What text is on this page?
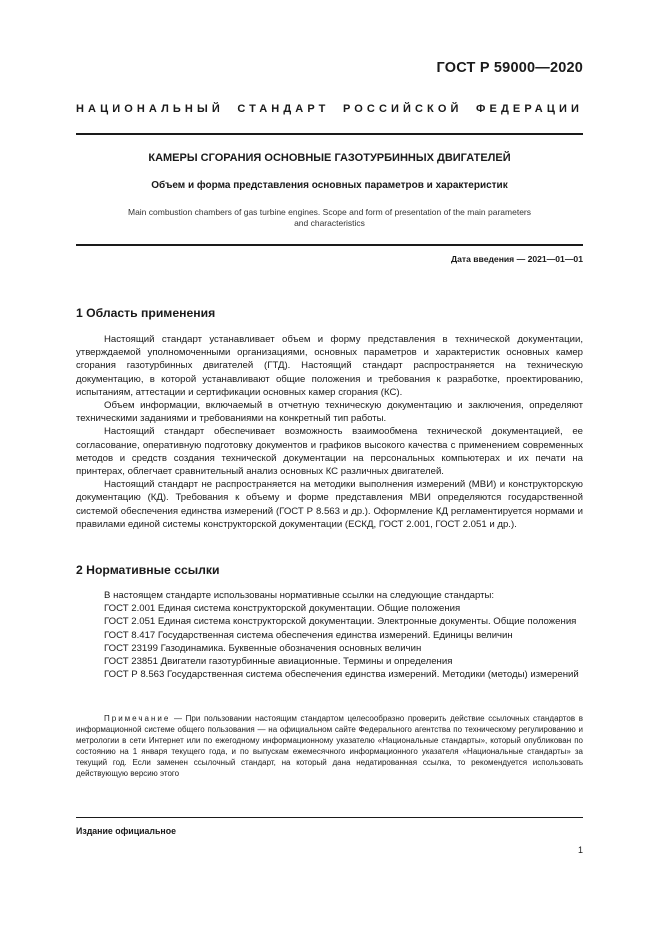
ГОСТ Р 59000—2020
НАЦИОНАЛЬНЫЙ СТАНДАРТ РОССИЙСКОЙ ФЕДЕРАЦИИ
КАМЕРЫ СГОРАНИЯ ОСНОВНЫЕ ГАЗОТУРБИННЫХ ДВИГАТЕЛЕЙ
Объем и форма представления основных параметров и характеристик
Main combustion chambers of gas turbine engines. Scope and form of presentation of the main parameters
and characteristics
Дата введения — 2021—01—01
1 Область применения

Настоящий стандарт устанавливает объем и форму представления в технической документации, утверждаемой уполномоченными организациями, основных параметров и характеристик основных камер сгорания газотурбинных двигателей (ГТД). Настоящий стандарт распространяется на техническую документацию, в которой устанавливают общие положения и требования к разработке, проектированию, испытаниям, аттестации и сертификации основных камер сгорания (КС).

Объем информации, включаемый в отчетную техническую документацию и заключения, определяют техническими заданиями и требованиями на конкретный тип работы.

Настоящий стандарт обеспечивает возможность взаимообмена технической документацией, ее согласование, оперативную подготовку документов и графиков высокого качества с применением современных методов и средств создания технической документации на персональных компьютерах и их печати на принтерах, облегчает сравнительный анализ основных КС различных двигателей.

Настоящий стандарт не распространяется на методики выполнения измерений (МВИ) и конструкторскую документацию (КД). Требования к объему и форме представления МВИ определяются государственной системой обеспечения единства измерений (ГОСТ Р 8.563 и др.). Оформление КД регламентируется нормами и правилами единой системы конструкторской документации (ЕСКД, ГОСТ 2.001, ГОСТ 2.051 и др.).

2 Нормативные ссылки

В настоящем стандарте использованы нормативные ссылки на следующие стандарты:

ГОСТ 2.001 Единая система конструкторской документации. Общие положения

ГОСТ 2.051 Единая система конструкторской документации. Электронные документы. Общие положения

ГОСТ 8.417 Государственная система обеспечения единства измерений. Единицы величин

ГОСТ 23199 Газодинамика. Буквенные обозначения основных величин

ГОСТ 23851 Двигатели газотурбинные авиационные. Термины и определения

ГОСТ Р 8.563 Государственная система обеспечения единства измерений. Методики (методы) измерений

Примечание — При пользовании настоящим стандартом целесообразно проверить действие ссылочных стандартов в информационной системе общего пользования — на официальном сайте Федерального агентства по техническому регулированию и метрологии в сети Интернет или по ежегодному информационному указателю «Национальные стандарты», который опубликован по состоянию на 1 января текущего года, и по выпускам ежемесячного информационного указателя «Национальные стандарты» за текущий год. Если заменен ссылочный стандарт, на который дана недатированная ссылка, то рекомендуется использовать действующую версию этого
Издание официальное
1
